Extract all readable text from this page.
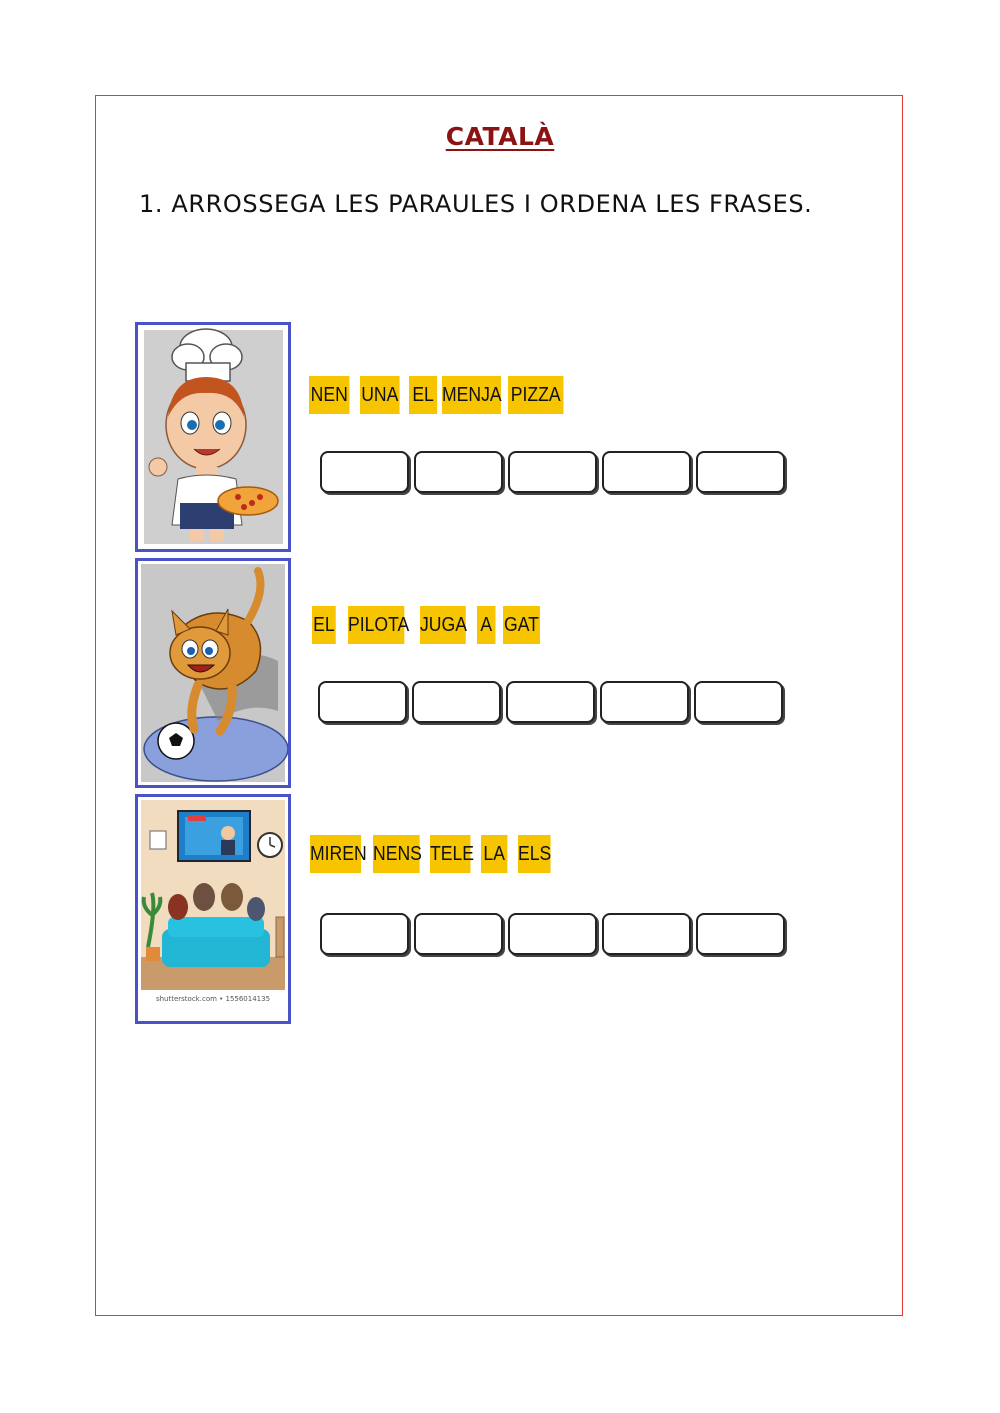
CATALÀ
1. ARROSSEGA LES PARAULES I ORDENA LES FRASES.
NEN UNA EL MENJA PIZZA
EL PILOTA JUGA A GAT
shutterstock.com • 1556014135
MIREN NENS TELE LA ELS
